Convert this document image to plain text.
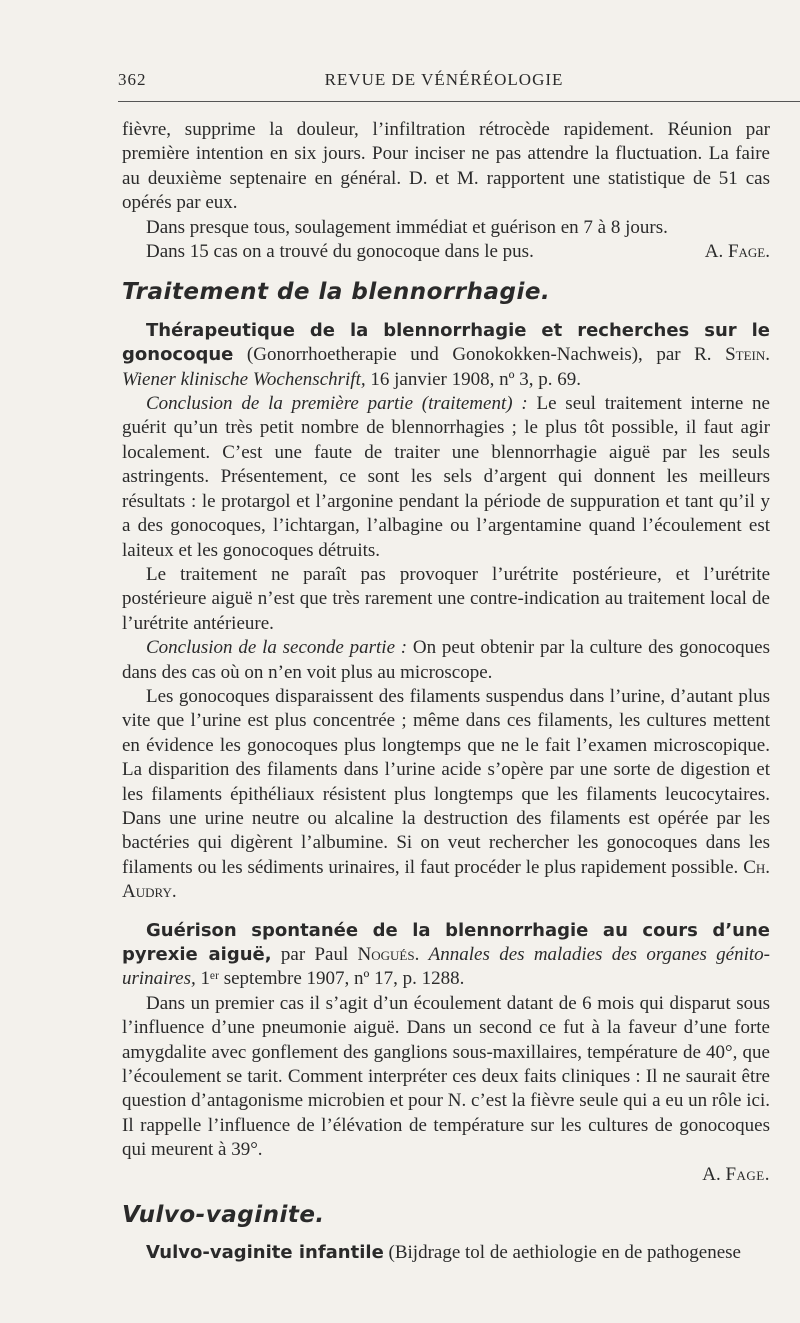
362	REVUE DE VÉNÉRÉOLOGIE

fièvre, supprime la douleur, l’infiltration rétrocède rapidement. Réunion par première intention en six jours. Pour inciser ne pas attendre la fluctuation. La faire au deuxième septenaire en général. D. et M. rapportent une statistique de 51 cas opérés par eux.

Dans presque tous, soulagement immédiat et guérison en 7 à 8 jours.

Dans 15 cas on a trouvé du gonocoque dans le pus.	A. Fage.

Traitement de la blennorrhagie.

Thérapeutique de la blennorrhagie et recherches sur le gonocoque (Gonorrhoetherapie und Gonokokken-Nachweis), par R. Stein. Wiener klinische Wochenschrift, 16 janvier 1908, nº 3, p. 69.

Conclusion de la première partie (traitement) : Le seul traitement interne ne guérit qu’un très petit nombre de blennorrhagies ; le plus tôt possible, il faut agir localement. C’est une faute de traiter une blennorrhagie aiguë par les seuls astringents. Présentement, ce sont les sels d’argent qui donnent les meilleurs résultats : le protargol et l’argonine pendant la période de suppuration et tant qu’il y a des gonocoques, l’ichtargan, l’albagine ou l’argentamine quand l’écoulement est laiteux et les gonocoques détruits.

Le traitement ne paraît pas provoquer l’urétrite postérieure, et l’urétrite postérieure aiguë n’est que très rarement une contre-indication au traitement local de l’urétrite antérieure.

Conclusion de la seconde partie : On peut obtenir par la culture des gonocoques dans des cas où on n’en voit plus au microscope.

Les gonocoques disparaissent des filaments suspendus dans l’urine, d’autant plus vite que l’urine est plus concentrée ; même dans ces filaments, les cultures mettent en évidence les gonocoques plus longtemps que ne le fait l’examen microscopique. La disparition des filaments dans l’urine acide s’opère par une sorte de digestion et les filaments épithéliaux résistent plus longtemps que les filaments leucocytaires. Dans une urine neutre ou alcaline la destruction des filaments est opérée par les bactéries qui digèrent l’albumine. Si on veut rechercher les gonocoques dans les filaments ou les sédiments urinaires, il faut procéder le plus rapidement possible. Ch. Audry.

Guérison spontanée de la blennorrhagie au cours d’une pyrexie aiguë, par Paul Nogués. Annales des maladies des organes génito-urinaires, 1ᵉʳ septembre 1907, nº 17, p. 1288.

Dans un premier cas il s’agit d’un écoulement datant de 6 mois qui disparut sous l’influence d’une pneumonie aiguë. Dans un second ce fut à la faveur d’une forte amygdalite avec gonflement des ganglions sous-maxillaires, température de 40°, que l’écoulement se tarit. Comment interpréter ces deux faits cliniques : Il ne saurait être question d’antagonisme microbien et pour N. c’est la fièvre seule qui a eu un rôle ici. Il rappelle l’influence de l’élévation de température sur les cultures de gonocoques qui meurent à 39°.

A. Fage.

Vulvo-vaginite.

Vulvo-vaginite infantile (Bijdrage tol de aethiologie en de pathogenese
